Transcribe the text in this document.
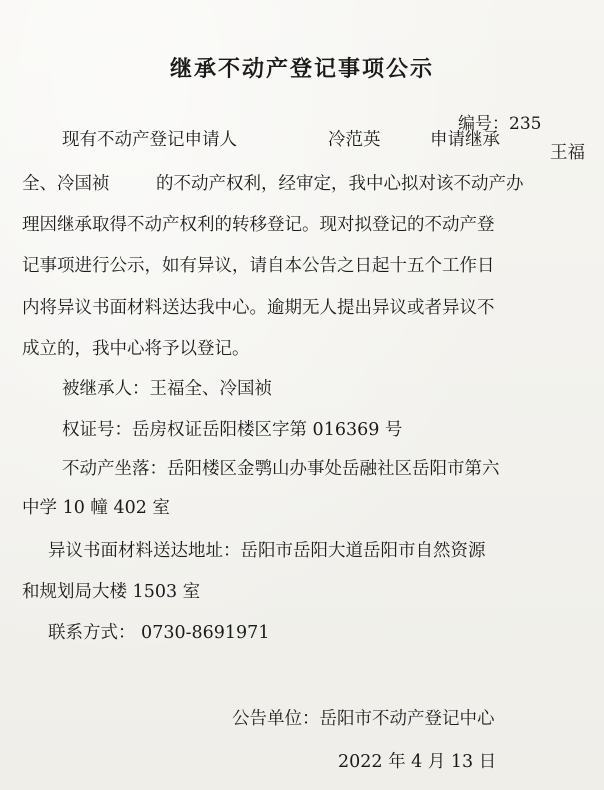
继承不动产登记事项公示
编号：235
现有不动产登记申请人	冷范英	申请继承
王福
全、冷国祯	的不动产权利，经审定，我中心拟对该不动产办
理因继承取得不动产权利的转移登记。现对拟登记的不动产登
记事项进行公示，如有异议，请自本公告之日起十五个工作日
内将异议书面材料送达我中心。逾期无人提出异议或者异议不
成立的，我中心将予以登记。
被继承人：王福全、冷国祯
权证号：岳房权证岳阳楼区字第 016369 号
不动产坐落：岳阳楼区金鹗山办事处岳融社区岳阳市第六
中学 10 幢 402 室
异议书面材料送达地址：岳阳市岳阳大道岳阳市自然资源
和规划局大楼 1503 室
联系方式： 0730-8691971
公告单位：岳阳市不动产登记中心
2022 年 4 月 13 日
